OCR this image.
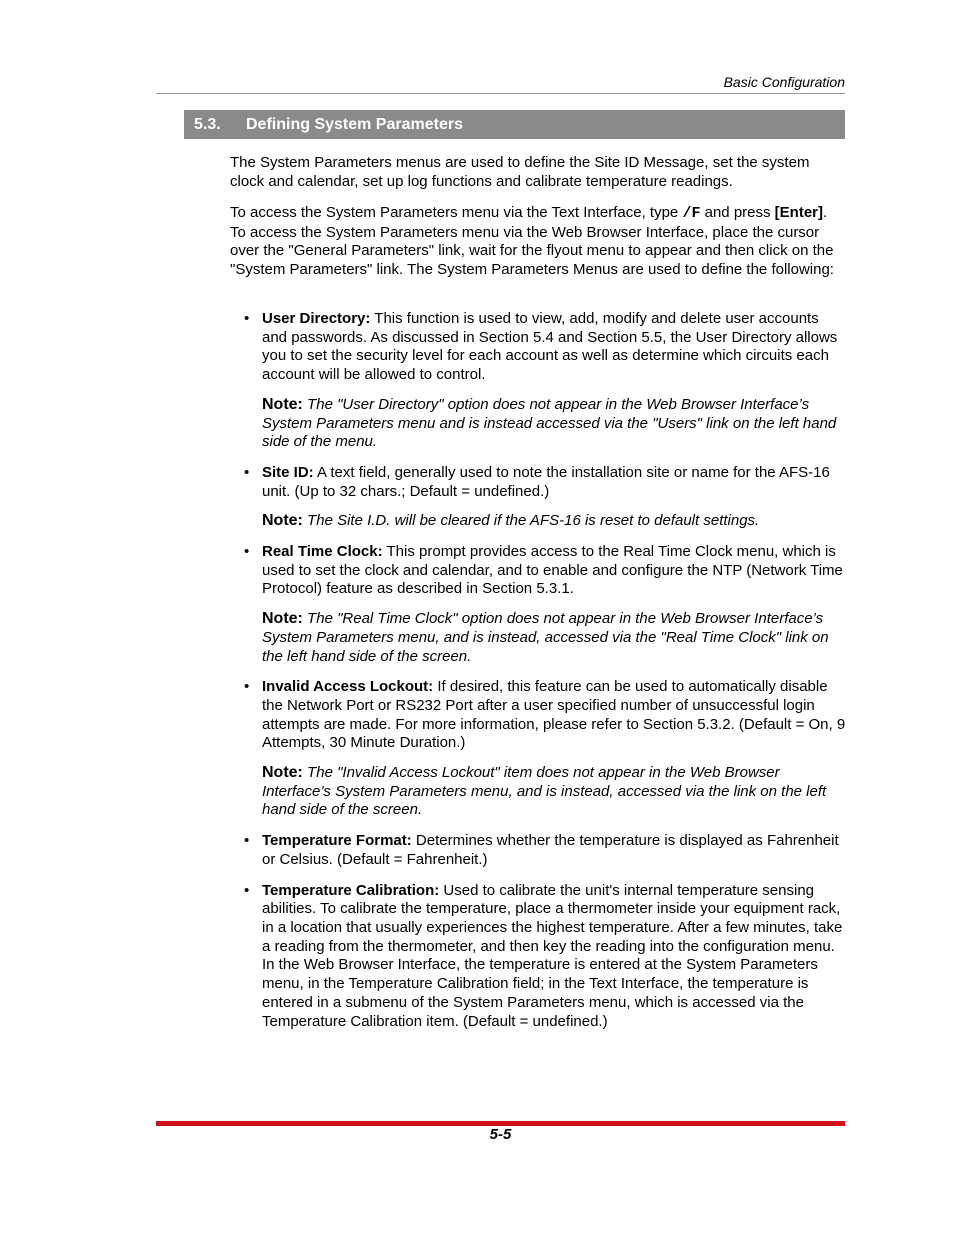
Basic Configuration
5.3. Defining System Parameters
The System Parameters menus are used to define the Site ID Message, set the system clock and calendar, set up log functions and calibrate temperature readings.
To access the System Parameters menu via the Text Interface, type /F and press [Enter]. To access the System Parameters menu via the Web Browser Interface, place the cursor over the "General Parameters" link, wait for the flyout menu to appear and then click on the "System Parameters" link. The System Parameters Menus are used to define the following:
• User Directory: This function is used to view, add, modify and delete user accounts and passwords. As discussed in Section 5.4 and Section 5.5, the User Directory allows you to set the security level for each account as well as determine which circuits each account will be allowed to control.
Note: The "User Directory" option does not appear in the Web Browser Interface’s System Parameters menu and is instead accessed via the "Users" link on the left hand side of the menu.
• Site ID: A text field, generally used to note the installation site or name for the AFS-16 unit. (Up to 32 chars.; Default = undefined.)
Note: The Site I.D. will be cleared if the AFS-16 is reset to default settings.
• Real Time Clock: This prompt provides access to the Real Time Clock menu, which is used to set the clock and calendar, and to enable and configure the NTP (Network Time Protocol) feature as described in Section 5.3.1.
Note: The "Real Time Clock" option does not appear in the Web Browser Interface’s System Parameters menu, and is instead, accessed via the "Real Time Clock" link on the left hand side of the screen.
• Invalid Access Lockout: If desired, this feature can be used to automatically disable the Network Port or RS232 Port after a user specified number of unsuccessful login attempts are made. For more information, please refer to Section 5.3.2. (Default = On, 9 Attempts, 30 Minute Duration.)
Note: The "Invalid Access Lockout" item does not appear in the Web Browser Interface’s System Parameters menu, and is instead, accessed via the link on the left hand side of the screen.
• Temperature Format: Determines whether the temperature is displayed as Fahrenheit or Celsius. (Default = Fahrenheit.)
• Temperature Calibration: Used to calibrate the unit's internal temperature sensing abilities. To calibrate the temperature, place a thermometer inside your equipment rack, in a location that usually experiences the highest temperature. After a few minutes, take a reading from the thermometer, and then key the reading into the configuration menu. In the Web Browser Interface, the temperature is entered at the System Parameters menu, in the Temperature Calibration field; in the Text Interface, the temperature is entered in a submenu of the System Parameters menu, which is accessed via the Temperature Calibration item. (Default = undefined.)
5-5
